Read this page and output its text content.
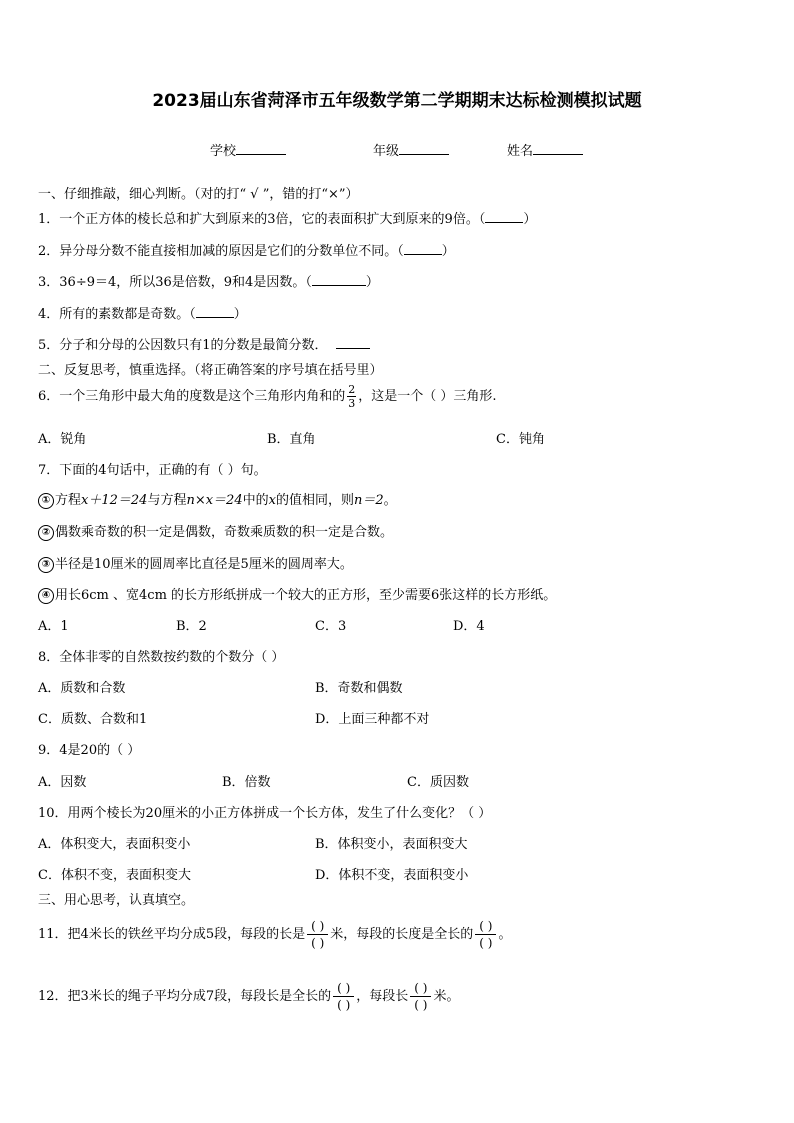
2023届山东省菏泽市五年级数学第二学期期末达标检测模拟试题
学校	年级	姓名
一、仔细推敲，细心判断。（对的打“ √ ”，错的打“×”）
1．一个正方体的棱长总和扩大到原来的3倍，它的表面积扩大到原来的9倍。（	）
2．异分母分数不能直接相加减的原因是它们的分数单位不同。（	）
3．36÷9＝4，所以36是倍数，9和4是因数。（	）
4．所有的素数都是奇数。（	）
5．分子和分母的公因数只有1的分数是最简分数．
二、反复思考，慎重选择。（将正确答案的序号填在括号里）
6．一个三角形中最大角的度数是这个三角形内角和的 $\frac{2}{3}$ ，这是一个（ ）三角形.
A．锐角	B．直角	C．钝角
7．下面的4句话中，正确的有（ ）句。
① 方程x＋12＝24与方程n×x＝24中的x的值相同，则n＝2。
② 偶数乘奇数的积一定是偶数，奇数乘质数的积一定是合数。
③ 半径是10厘米的圆周率比直径是5厘米的圆周率大。
④ 用长6cm 、宽4cm 的长方形纸拼成一个较大的正方形，至少需要6张这样的长方形纸。
A．1	B．2	C．3	D．4
8．全体非零的自然数按约数的个数分（ ）
A．质数和合数	B．奇数和偶数
C．质数、合数和1	D．上面三种都不对
9．4是20的（ ）
A．因数	B．倍数	C．质因数
10．用两个棱长为20厘米的小正方体拼成一个长方体，发生了什么变化？（ ）
A．体积变大，表面积变小	B．体积变小，表面积变大
C．体积不变，表面积变大	D．体积不变，表面积变小
三、用心思考，认真填空。
11．把4米长的铁丝平均分成5段，每段的长是
( )
( )
米，每段的长度是全长的
( )
( )
。
12．把3米长的绳子平均分成7段，每段长是全长的
( )
( )
，每段长
( )
( )
米。
